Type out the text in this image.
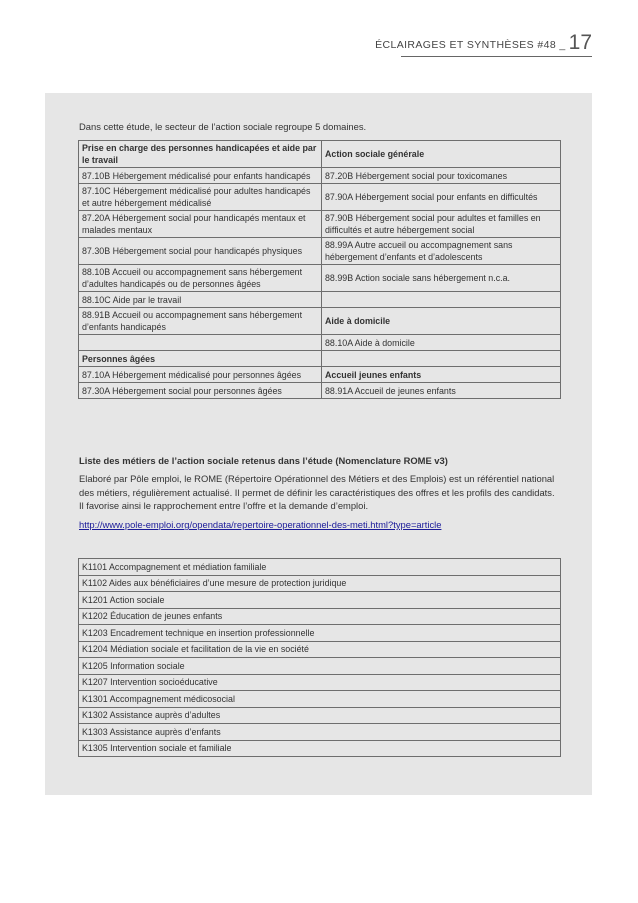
ÉCLAIRAGES ET SYNTHÈSES #48 _ 17
Dans cette étude, le secteur de l’action sociale regroupe 5 domaines.
Prise en charge des personnes handicapées et aide par le travail	Action sociale générale
87.10B Hébergement médicalisé pour enfants handicapés	87.20B Hébergement social pour toxicomanes
87.10C Hébergement médicalisé pour adultes handicapés et autre hébergement médicalisé	87.90A Hébergement social pour enfants en difficultés
87.20A Hébergement social pour handicapés mentaux et malades mentaux	87.90B Hébergement social pour adultes et familles en difficultés et autre hébergement social
87.30B Hébergement social pour handicapés physiques	88.99A Autre accueil ou accompagnement sans hébergement d’enfants et d’adolescents
88.10B Accueil ou accompagnement sans hébergement d’adultes handicapés ou de personnes âgées	88.99B Action sociale sans hébergement n.c.a.
88.10C Aide par le travail	
88.91B Accueil ou accompagnement sans hébergement d’enfants handicapés	Aide à domicile
	88.10A Aide à domicile
Personnes âgées	
87.10A Hébergement médicalisé pour personnes âgées	Accueil jeunes enfants
87.30A Hébergement social pour personnes âgées	88.91A Accueil de jeunes enfants
Liste des métiers de l’action sociale retenus dans l’étude (Nomenclature ROME v3)

Elaboré par Pôle emploi, le ROME (Répertoire Opérationnel des Métiers et des Emplois) est un référentiel national

des métiers, régulièrement actualisé. Il permet de définir les caractéristiques des offres et les profils des candidats.

Il favorise ainsi le rapprochement entre l’offre et la demande d’emploi.

http://www.pole-emploi.org/opendata/repertoire-operationnel-des-meti.html?type=article
K1101 Accompagnement et médiation familiale
K1102 Aides aux bénéficiaires d’une mesure de protection juridique
K1201 Action sociale
K1202 Éducation de jeunes enfants
K1203 Encadrement technique en insertion professionnelle
K1204 Médiation sociale et facilitation de la vie en société
K1205 Information sociale
K1207 Intervention socioéducative
K1301 Accompagnement médicosocial
K1302 Assistance auprès d’adultes
K1303 Assistance auprès d’enfants
K1305 Intervention sociale et familiale
